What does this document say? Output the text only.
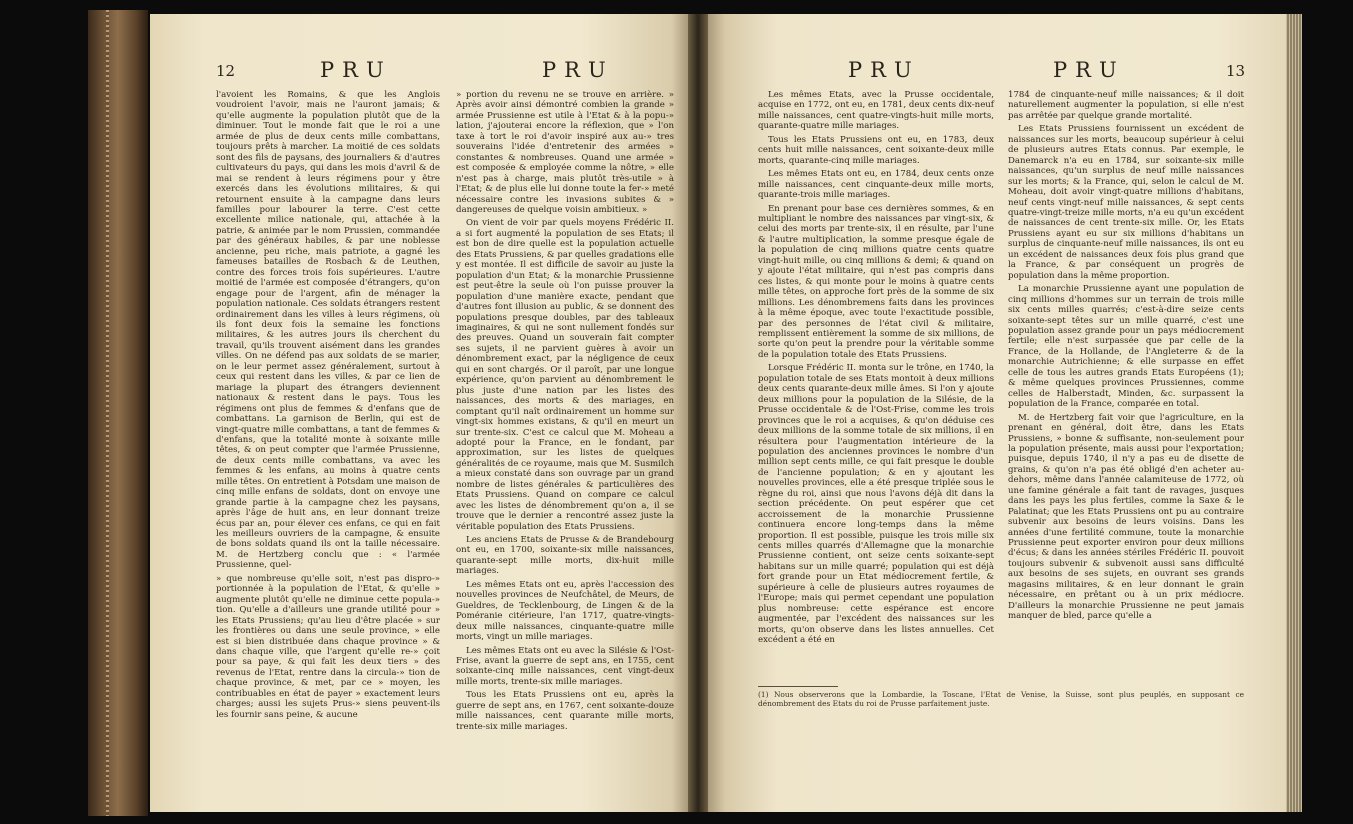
12	PRU	PRU

l'avoient les Romains, & que les Anglois voudroient l'avoir, mais ne l'auront jamais; & qu'elle augmente la population plutôt que de la diminuer. Tout le monde fait que le roi a une armée de plus de deux cents mille combattans, toujours prêts à marcher. La moitié de ces soldats sont des fils de paysans, des journaliers & d'autres cultivateurs du pays, qui dans les mois d'avril & de mai se rendent à leurs régimens pour y être exercés dans les évolutions militaires, & qui retournent ensuite à la campagne dans leurs familles pour labourer la terre. C'est cette excellente milice nationale, qui, attachée à la patrie, & animée par le nom Prussien, commandée par des généraux habiles, & par une noblesse ancienne, peu riche, mais patriote, a gagné les fameuses batailles de Rosbach & de Leuthen, contre des forces trois fois supérieures. L'autre moitié de l'armée est composée d'étrangers, qu'on engage pour de l'argent, afin de ménager la population nationale. Ces soldats étrangers restent ordinairement dans les villes à leurs régimens, où ils font deux fois la semaine les fonctions militaires, & les autres jours ils cherchent du travail, qu'ils trouvent aisément dans les grandes villes. On ne défend pas aux soldats de se marier, on le leur permet assez généralement, surtout à ceux qui restent dans les villes, & par ce lien de mariage la plupart des étrangers deviennent nationaux & restent dans le pays. Tous les régimens ont plus de femmes & d'enfans que de combattans. La garnison de Berlin, qui est de vingt-quatre mille combattans, a tant de femmes & d'enfans, que la totalité monte à soixante mille têtes, & on peut compter que l'armée Prussienne, de deux cents mille combattans, va avec les femmes & les enfans, au moins à quatre cents mille têtes. On entretient à Potsdam une maison de cinq mille enfans de soldats, dont on envoye une grande partie à la campagne chez les paysans, après l'âge de huit ans, en leur donnant treize écus par an, pour élever ces enfans, ce qui en fait les meilleurs ouvriers de la campagne, & ensuite de bons soldats quand ils ont la taille nécessaire. M. de Hertzberg conclu que : « l'armée Prussienne, quel-

» que nombreuse qu'elle soit, n'est pas dispro-» portionnée à la population de l'Etat, & qu'elle » augmente plutôt qu'elle ne diminue cette popula-» tion. Qu'elle a d'ailleurs une grande utilité pour » les Etats Prussiens; qu'au lieu d'être placée » sur les frontières ou dans une seule province, » elle est si bien distribuée dans chaque province » & dans chaque ville, que l'argent qu'elle re-» çoit pour sa paye, & qui fait les deux tiers » des revenus de l'Etat, rentre dans la circula-» tion de chaque province, & met, par ce » moyen, les contribuables en état de payer » exactement leurs charges; aussi les sujets Prus-» siens peuvent-ils les fournir sans peine, & aucune

» portion du revenu ne se trouve en arrière. » Après avoir ainsi démontré combien la grande » armée Prussienne est utile à l'Etat & à la popu-» lation, j'ajouterai encore la réflexion, que » l'on taxe à tort le roi d'avoir inspiré aux au-» tres souverains l'idée d'entretenir des armées » constantes & nombreuses. Quand une armée » est composée & employée comme la nôtre, » elle n'est pas à charge, mais plutôt très-utile » à l'Etat; & de plus elle lui donne toute la fer-» meté nécessaire contre les invasions subites & » dangereuses de quelque voisin ambitieux. »

On vient de voir par quels moyens Frédéric II. a si fort augmenté la population de ses Etats; il est bon de dire quelle est la population actuelle des Etats Prussiens, & par quelles gradations elle y est montée. Il est difficile de savoir au juste la population d'un Etat; & la monarchie Prussienne est peut-être la seule où l'on puisse prouver la population d'une manière exacte, pendant que d'autres font illusion au public, & se donnent des populations presque doubles, par des tableaux imaginaires, & qui ne sont nullement fondés sur des preuves. Quand un souverain fait compter ses sujets, il ne parvient guères à avoir un dénombrement exact, par la négligence de ceux qui en sont chargés. Or il paroît, par une longue expérience, qu'on parvient au dénombrement le plus juste d'une nation par les listes des naissances, des morts & des mariages, en comptant qu'il naît ordinairement un homme sur vingt-six hommes existans, & qu'il en meurt un sur trente-six. C'est ce calcul que M. Moheau a adopté pour la France, en le fondant, par approximation, sur les listes de quelques généralités de ce royaume, mais que M. Susmilch a mieux constaté dans son ouvrage par un grand nombre de listes générales & particulières des Etats Prussiens. Quand on compare ce calcul avec les listes de dénombrement qu'on a, il se trouve que le dernier a rencontré assez juste la véritable population des Etats Prussiens.

Les anciens Etats de Prusse & de Brandebourg ont eu, en 1700, soixante-six mille naissances, quarante-sept mille morts, dix-huit mille mariages.

Les mêmes Etats ont eu, après l'accession des nouvelles provinces de Neufchâtel, de Meurs, de Gueldres, de Tecklenbourg, de Lingen & de la Poméranie citérieure, l'an 1717, quatre-vingts-deux mille naissances, cinquante-quatre mille morts, vingt un mille mariages.

Les mêmes Etats ont eu avec la Silésie & l'Ost-Frise, avant la guerre de sept ans, en 1755, cent soixante-cinq mille naissances, cent vingt-deux mille morts, trente-six mille mariages.

Tous les Etats Prussiens ont eu, après la guerre de sept ans, en 1767, cent soixante-douze mille naissances, cent quarante mille morts, trente-six mille mariages.

PRU	PRU	13

Les mêmes Etats, avec la Prusse occidentale, acquise en 1772, ont eu, en 1781, deux cents dix-neuf mille naissances, cent quatre-vingts-huit mille morts, quarante-quatre mille mariages.

Tous les Etats Prussiens ont eu, en 1783, deux cents huit mille naissances, cent soixante-deux mille morts, quarante-cinq mille mariages.

Les mêmes Etats ont eu, en 1784, deux cents onze mille naissances, cent cinquante-deux mille morts, quarante-trois mille mariages.

En prenant pour base ces dernières sommes, & en multipliant le nombre des naissances par vingt-six, & celui des morts par trente-six, il en résulte, par l'une & l'autre multiplication, la somme presque égale de la population de cinq millions quatre cents quatre vingt-huit mille, ou cinq millions & demi; & quand on y ajoute l'état militaire, qui n'est pas compris dans ces listes, & qui monte pour le moins à quatre cents mille têtes, on approche fort près de la somme de six millions. Les dénombremens faits dans les provinces à la même époque, avec toute l'exactitude possible, par des personnes de l'état civil & militaire, remplissent entièrement la somme de six millions, de sorte qu'on peut la prendre pour la véritable somme de la population totale des Etats Prussiens.

Lorsque Frédéric II. monta sur le trône, en 1740, la population totale de ses Etats montoit à deux millions deux cents quarante-deux mille âmes. Si l'on y ajoute deux millions pour la population de la Silésie, de la Prusse occidentale & de l'Ost-Frise, comme les trois provinces que le roi a acquises, & qu'on déduise ces deux millions de la somme totale de six millions, il en résultera pour l'augmentation intérieure de la population des anciennes provinces le nombre d'un million sept cents mille, ce qui fait presque le double de l'ancienne population; & en y ajoutant les nouvelles provinces, elle a été presque triplée sous le règne du roi, ainsi que nous l'avons déjà dit dans la section précédente. On peut espérer que cet accroissement de la monarchie Prussienne continuera encore long-temps dans la même proportion. Il est possible, puisque les trois mille six cents milles quarrés d'Allemagne que la monarchie Prussienne contient, ont seize cents soixante-sept habitans sur un mille quarré; population qui est déjà fort grande pour un Etat médiocrement fertile, & supérieure à celle de plusieurs autres royaumes de l'Europe; mais qui permet cependant une population plus nombreuse: cette espérance est encore augmentée, par l'excédent des naissances sur les morts, qu'on observe dans les listes annuelles. Cet excédent a été en

1784 de cinquante-neuf mille naissances; & il doit naturellement augmenter la population, si elle n'est pas arrêtée par quelque grande mortalité.

Les Etats Prussiens fournissent un excédent de naissances sur les morts, beaucoup supérieur à celui de plusieurs autres Etats connus. Par exemple, le Danemarck n'a eu en 1784, sur soixante-six mille naissances, qu'un surplus de neuf mille naissances sur les morts; & la France, qui, selon le calcul de M. Moheau, doit avoir vingt-quatre millions d'habitans, neuf cents vingt-neuf mille naissances, & sept cents quatre-vingt-treize mille morts, n'a eu qu'un excédent de naissances de cent trente-six mille. Or, les Etats Prussiens ayant eu sur six millions d'habitans un surplus de cinquante-neuf mille naissances, ils ont eu un excédent de naissances deux fois plus grand que la France, & par conséquent un progrès de population dans la même proportion.

La monarchie Prussienne ayant une population de cinq millions d'hommes sur un terrain de trois mille six cents milles quarrés; c'est-à-dire seize cents soixante-sept têtes sur un mille quarré, c'est une population assez grande pour un pays médiocrement fertile; elle n'est surpassée que par celle de la France, de la Hollande, de l'Angleterre & de la monarchie Autrichienne; & elle surpasse en effet celle de tous les autres grands Etats Européens (1); & même quelques provinces Prussiennes, comme celles de Halberstadt, Minden, &c. surpassent la population de la France, comparée en total.

M. de Hertzberg fait voir que l'agriculture, en la prenant en général, doit être, dans les Etats Prussiens, » bonne & suffisante, non-seulement pour la population présente, mais aussi pour l'exportation; puisque, depuis 1740, il n'y a pas eu de disette de grains, & qu'on n'a pas été obligé d'en acheter au-dehors, même dans l'année calamiteuse de 1772, où une famine générale a fait tant de ravages, jusques dans les pays les plus fertiles, comme la Saxe & le Palatinat; que les Etats Prussiens ont pu au contraire subvenir aux besoins de leurs voisins. Dans les années d'une fertilité commune, toute la monarchie Prussienne peut exporter environ pour deux millions d'écus; & dans les années stériles Frédéric II. pouvoit toujours subvenir & subvenoit aussi sans difficulté aux besoins de ses sujets, en ouvrant ses grands magasins militaires, & en leur donnant le grain nécessaire, en prêtant ou à un prix médiocre. D'ailleurs la monarchie Prussienne ne peut jamais manquer de bled, parce qu'elle a

(1) Nous observerons que la Lombardie, la Toscane, l'Etat de Venise, la Suisse, sont plus peuplés, en supposant ce dénombrement des Etats du roi de Prusse parfaitement juste.
